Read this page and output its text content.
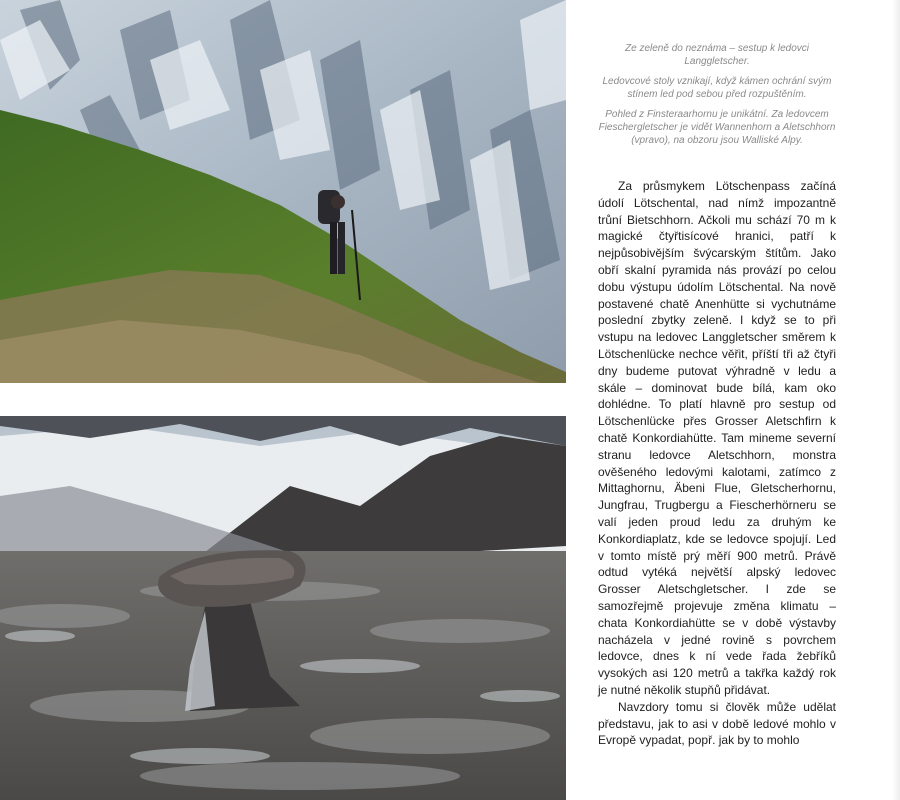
Ze zeleně do neznáma – sestup k ledovci Langgletscher.

Ledovcové stoly vznikají, když kámen ochrání svým stínem led pod sebou před rozpuštěním.

Pohled z Finsteraarhornu je unikátní. Za ledovcem Fieschergletscher je vidět Wannenhorn a Aletschhorn (vpravo), na obzoru jsou Walliské Alpy.

Za průsmykem Lötschenpass začíná údolí Lötschental, nad nímž impozantně trůní Bietschhorn. Ačkoli mu schází 70 m k magické čtyřtisícové hranici, patří k nejpůsobivějším švýcarským štítům. Jako obří skalní pyramida nás provází po celou dobu výstupu údolím Lötschental. Na nově postavené chatě Anenhütte si vychutnáme poslední zbytky zeleně. I když se to při vstupu na ledovec Langgletscher směrem k Lötschenlücke nechce věřit, příští tři až čtyři dny budeme putovat výhradně v ledu a skále – dominovat bude bílá, kam oko dohlédne. To platí hlavně pro sestup od Lötschenlücke přes Grosser Aletschfirn k chatě Konkordiahütte. Tam mineme severní stranu ledovce Aletschhorn, monstra ověšeného ledovými kalotami, zatímco z Mittaghornu, Äbeni Flue, Gletscherhornu, Jungfrau, Trugbergu a Fiescherhörneru se valí jeden proud ledu za druhým ke Konkordiaplatz, kde se ledovce spojují. Led v tomto místě prý měří 900 metrů. Právě odtud vytéká největší alpský ledovec Grosser Aletschgletscher. I zde se samozřejmě projevuje změna klimatu – chata Konkordiahütte se v době výstavby nacházela v jedné rovině s povrchem ledovce, dnes k ní vede řada žebříků vysokých asi 120 metrů a takřka každý rok je nutné několik stupňů přidávat.

Navzdory tomu si člověk může udělat představu, jak to asi v době ledové mohlo v Evropě vypadat, popř. jak by to mohlo
